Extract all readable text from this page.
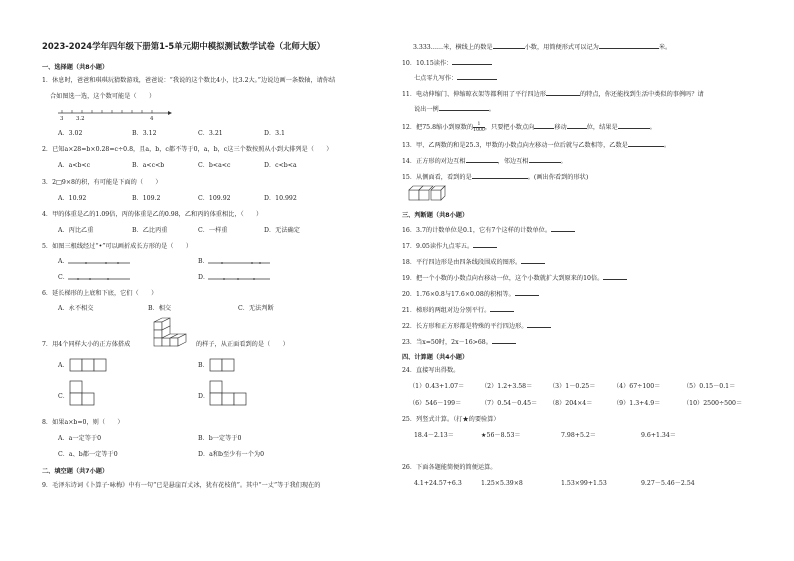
2023-2024学年四年级下册第1-5单元期中模拟测试数学试卷（北师大版）
一、选择题（共8小题）
1．休息时，爸爸和琪琪玩猜数游戏，爸爸说：“我说的这个数比4小，比3.2大。”边说边画一条数轴，请你结
合如图选一选，这个数可能是（　　）
3 3.2	4
A．3.02	B．3.12	C．3.21	D．3.1
2．已知a×28=b×0.28=c÷0.8，且a，b，c都不等于0，a，b，c这三个数按照从小到大排列是（　　）
A．a<b<c	B．a<c<b	C．b<a<c	D．c<b<a
3．2□9×8的积，有可能是下面的（　　）
A．10.92	B．109.2	C．109.92	D．10.992
4．甲的体重是乙的1.09倍，丙的体重是乙的0.98，乙和丙的体重相比，（　　）
A．丙比乙重	B．乙比丙重	C．一样重	D．无法确定
5．如图三根线经过“•”可以画折成长方形的是（　　）
A．	B．
C．	D．
6．延长梯形的上底和下底，它们（　　）
A．永不相交	B．相交	C．无法判断
7．用4个同样大小的正方体搭成	的样子，从正面看到的是（　　）
A．	B．
C．	D．
8．如果a×b=0，则（　　）
A．a一定等于0	B．b一定等于0
C．a、b都一定等于0	D．a和b至少有一个为0
二、填空题（共7小题）
9．毛泽东诗词《卜算子·咏梅》中有一句“已是悬崖百丈冰，犹有花枝俏”。其中“一丈”等于我们现在的
3.333……米，横线上的数是	小数，用简便形式可以记为	米。
10．10.15读作：
七点零九写作：
11．电动伸缩门、伸缩晾衣架等都利用了平行四边形	的特点，你还能找到生活中类似的事例吗？请
说出一例	。
12．把75.8缩小到原数的 $\frac{1}{1000}$ ，只要把小数点向	移动	位，结果是	。
13．甲、乙两数的和是25.3，甲数的小数点向左移动一位后就与乙数相等，乙数是	。
14．正方形的对边互相	，邻边互相	。
15．从侧面看，看到的是	。(画出你看到的形状)
三、判断题（共8小题）
16．3.7的计数单位是0.1，它有7个这样的计数单位。
17．9.05读作九点零五。
18．平行四边形是由四条线段围成的图形。
19．把一个小数的小数点向右移动一位，这个小数就扩大到原来的10倍。
20．1.76×0.8与17.6×0.08的积相等。
21．梯形的两组对边分别平行。
22．长方形和正方形都是特殊的平行四边形。
23．当x=50时，2x－16>68。
四、计算题（共4小题）
24．直接写出得数。
（1）0.43+1.07＝	（2）1.2+3.58＝	（3）1－0.25＝	（4）67÷100＝	（5）0.15－0.1＝
（6）546－199＝	（7）0.54－0.45＝ （8）204×4＝	（9）1.3+4.9＝	（10）2500÷500＝
25．列竖式计算。（打★的要验算）
18.4－2.13＝	★56－8.53＝	7.98+5.2＝	9.6+1.34＝
26．下面各题能简便的简便运算。
4.1+24.57+6.3	1.25×5.39×8	1.53×99+1.53	9.27－5.46－2.54
